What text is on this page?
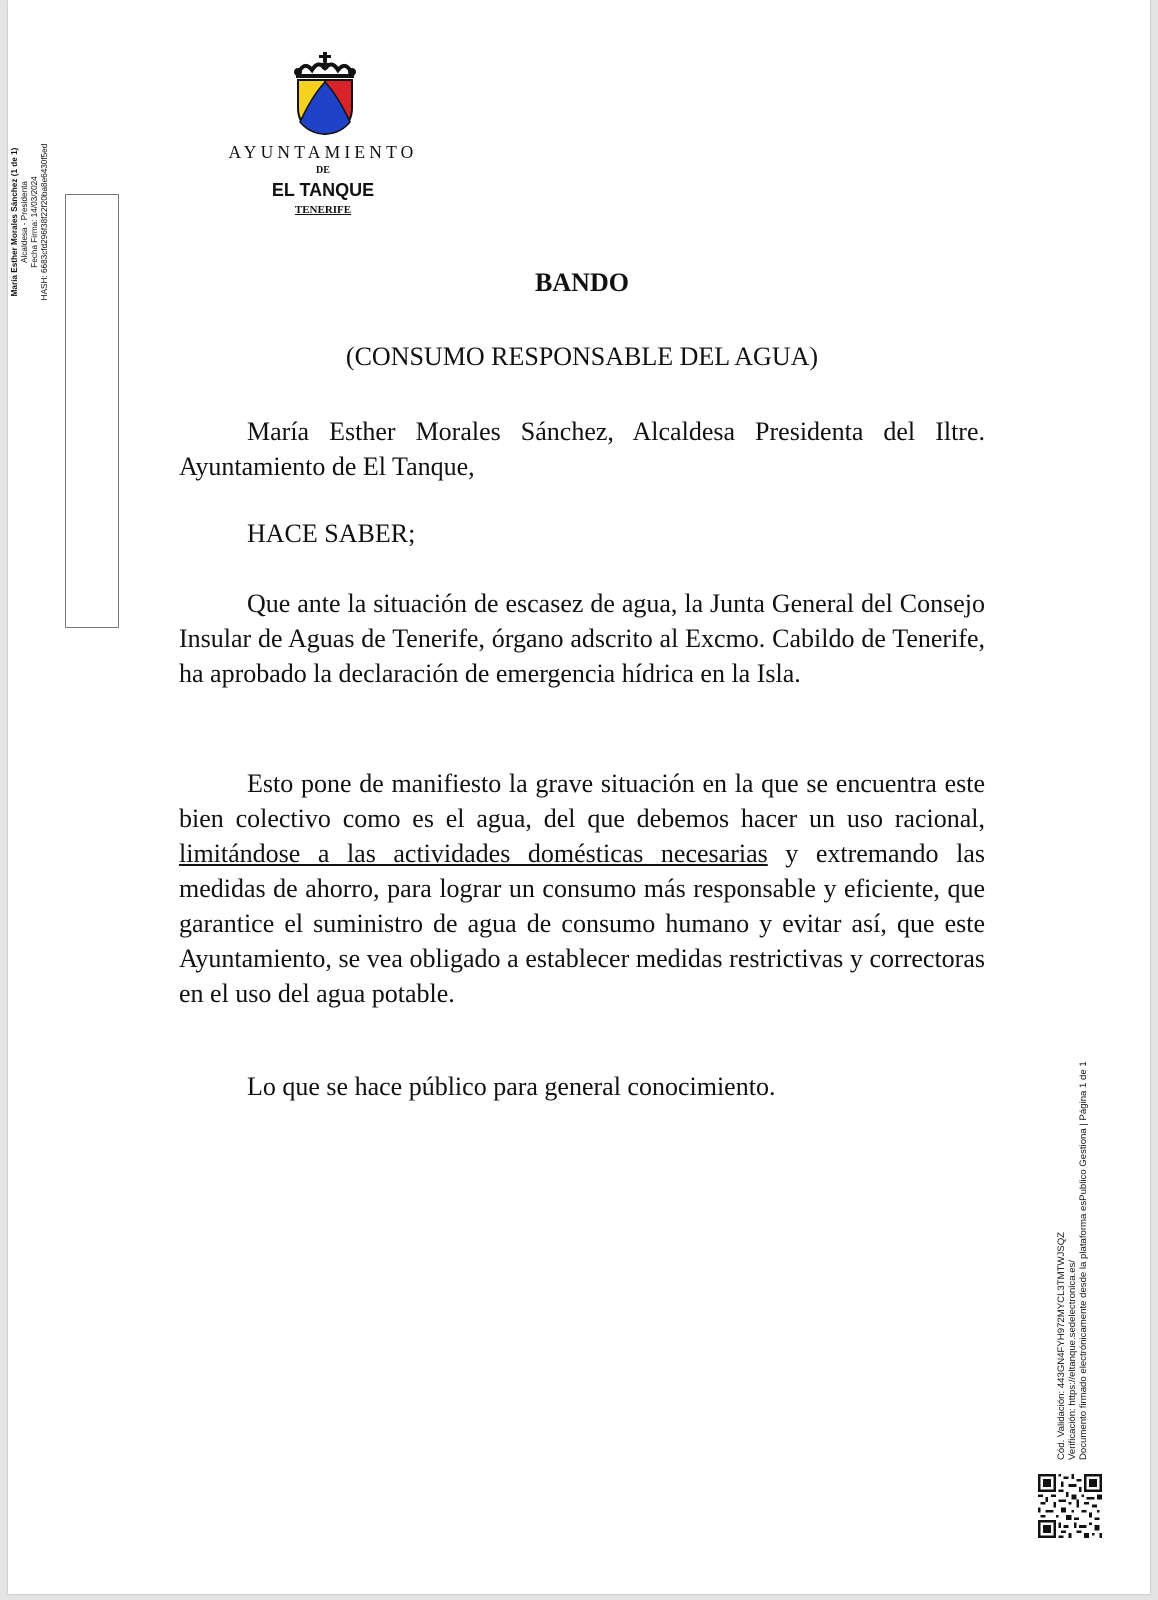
AYUNTAMIENTO
DE
EL TANQUE
TENERIFE
María Esther Morales Sánchez (1 de 1) Alcaldesa - Presidenta Fecha Firma: 14/03/2024 HASH: 6683cfd296f38f22f20ba8e6430f5ed	BANDO
(CONSUMO RESPONSABLE DEL AGUA)

María Esther Morales Sánchez, Alcaldesa Presidenta del Iltre. Ayuntamiento de El Tanque,

HACE SABER;

Que ante la situación de escasez de agua, la Junta General del Consejo Insular de Aguas de Tenerife, órgano adscrito al Excmo. Cabildo de Tenerife, ha aprobado la declaración de emergencia hídrica en la Isla.

Esto pone de manifiesto la grave situación en la que se encuentra este bien colectivo como es el agua, del que debemos hacer un uso racional, limitándose a las actividades domésticas necesarias y extremando las medidas de ahorro, para lograr un consumo más responsable y eficiente, que garantice el suministro de agua de consumo humano y evitar así, que este Ayuntamiento, se vea obligado a establecer medidas restrictivas y correctoras en el uso del agua potable.

Lo que se hace público para general conocimiento.

Cód. Validación: 443GN4FYH972MYCL3TMTWJSQZ Verificación: https://eltanque.sedelectronica.es/ Documento firmado electrónicamente desde la plataforma esPublico Gestiona | Página 1 de 1
